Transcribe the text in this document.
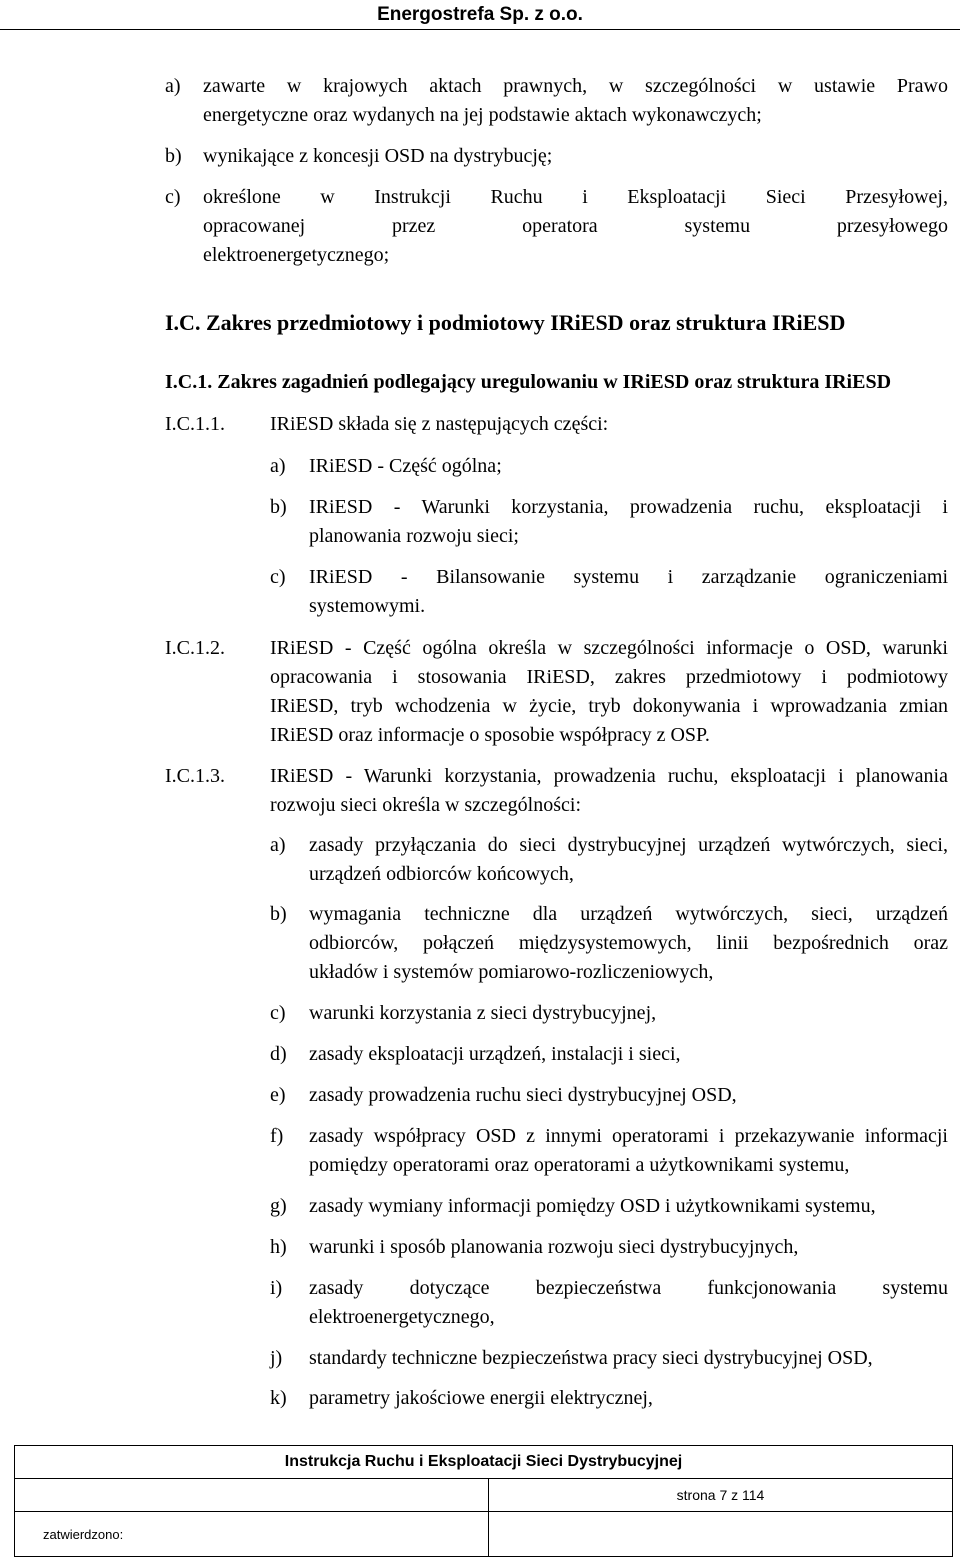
Energostrefa Sp. z o.o.
a)	zawarte w krajowych aktach prawnych, w szczególności w ustawie Prawo
energetyczne oraz wydanych na jej podstawie aktach wykonawczych;
b)	wynikające z koncesji OSD na dystrybucję;
c)	określone w Instrukcji Ruchu i Eksploatacji Sieci Przesyłowej,
opracowanej przez operatora systemu przesyłowego
elektroenergetycznego;
I.C. Zakres przedmiotowy i podmiotowy IRiESD oraz struktura IRiESD
I.C.1. Zakres zagadnień podlegający uregulowaniu w IRiESD oraz struktura IRiESD
I.C.1.1. IRiESD składa się z następujących części:
a)	IRiESD - Część ogólna;
b)	IRiESD - Warunki korzystania, prowadzenia ruchu, eksploatacji i
planowania rozwoju sieci;
c)	IRiESD - Bilansowanie systemu i zarządzanie ograniczeniami
systemowymi.
I.C.1.2. IRiESD - Część ogólna określa w szczególności informacje o OSD, warunki
opracowania i stosowania IRiESD, zakres przedmiotowy i podmiotowy
IRiESD, tryb wchodzenia w życie, tryb dokonywania i wprowadzania zmian
IRiESD oraz informacje o sposobie współpracy z OSP.
I.C.1.3. IRiESD - Warunki korzystania, prowadzenia ruchu, eksploatacji i planowania
rozwoju sieci określa w szczególności:
a)	zasady przyłączania do sieci dystrybucyjnej urządzeń wytwórczych, sieci,
urządzeń odbiorców końcowych,
b)	wymagania techniczne dla urządzeń wytwórczych, sieci, urządzeń
odbiorców, połączeń międzysystemowych, linii bezpośrednich oraz
układów i systemów pomiarowo-rozliczeniowych,
c)	warunki korzystania z sieci dystrybucyjnej,
d)	zasady eksploatacji urządzeń, instalacji i sieci,
e)	zasady prowadzenia ruchu sieci dystrybucyjnej OSD,
f)	zasady współpracy OSD z innymi operatorami i przekazywanie informacji
pomiędzy operatorami oraz operatorami a użytkownikami systemu,
g)	zasady wymiany informacji pomiędzy OSD i użytkownikami systemu,
h)	warunki i sposób planowania rozwoju sieci dystrybucyjnych,
i)	zasady dotyczące bezpieczeństwa funkcjonowania systemu
elektroenergetycznego,
j)	standardy techniczne bezpieczeństwa pracy sieci dystrybucyjnej OSD,
k)	parametry jakościowe energii elektrycznej,
Instrukcja Ruchu i Eksploatacji Sieci Dystrybucyjnej	
	strona 7 z 114
zatwierdzono:	
